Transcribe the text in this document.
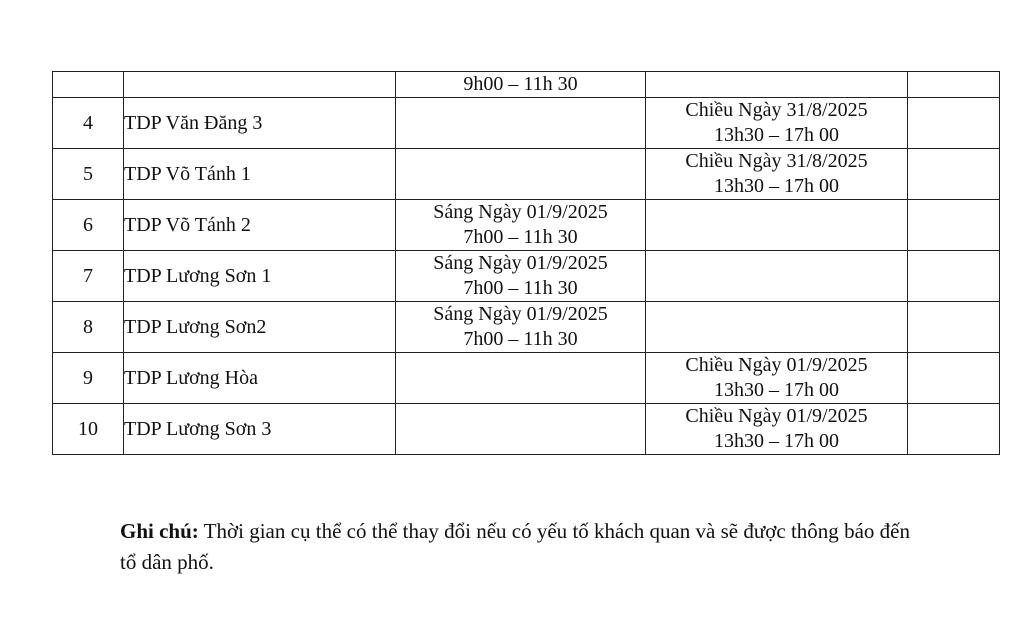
		9h00 – 11h 30		

4	TDP Văn Đăng 3		Chiều Ngày 31/8/2025
13h30 – 17h 00	

5	TDP Võ Tánh 1		Chiều Ngày 31/8/2025
13h30 – 17h 00	

6	TDP Võ Tánh 2	Sáng Ngày 01/9/2025
7h00 – 11h 30		

7	TDP Lương Sơn 1	Sáng Ngày 01/9/2025
7h00 – 11h 30		

8	TDP Lương Sơn2	Sáng Ngày 01/9/2025
7h00 – 11h 30		

9	TDP Lương Hòa		Chiều Ngày 01/9/2025
13h30 – 17h 00	

10	TDP Lương Sơn 3		Chiều Ngày 01/9/2025
13h30 – 17h 00	

Ghi chú: Thời gian cụ thể có thể thay đổi nếu có yếu tố khách quan và sẽ được thông báo đến tổ dân phố.
